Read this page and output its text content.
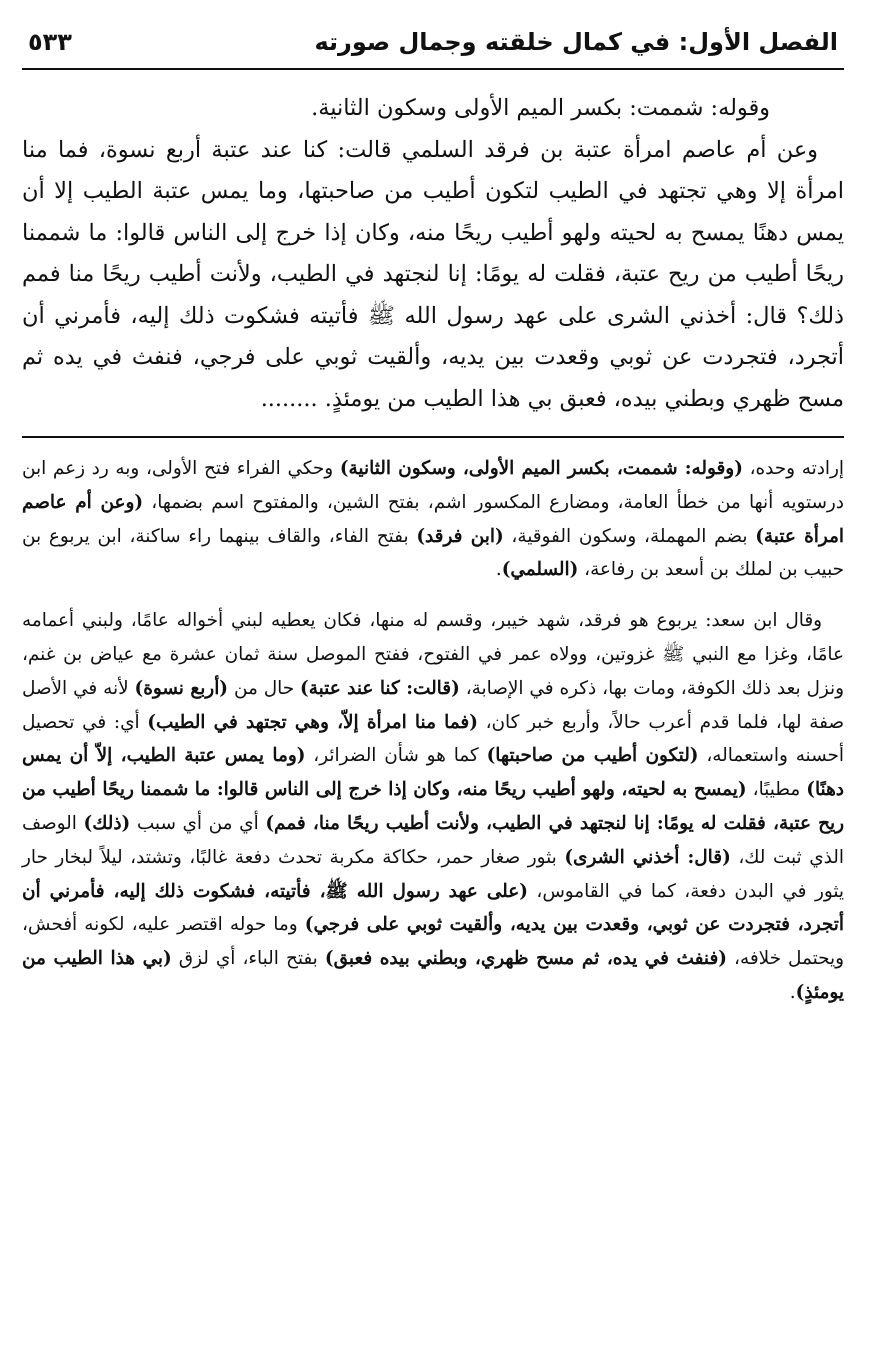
الفصل الأول: في كمال خلقته وجمال صورته
٥٣٣

وقوله: شممت: بكسر الميم الأولى وسكون الثانية.

وعن أم عاصم امرأة عتبة بن فرقد السلمي قالت: كنا عند عتبة أربع نسوة، فما منا امرأة إلا وهي تجتهد في الطيب لتكون أطيب من صاحبتها، وما يمس عتبة الطيب إلا أن يمس دهنًا يمسح به لحيته ولهو أطيب ريحًا منه، وكان إذا خرج إلى الناس قالوا: ما شممنا ريحًا أطيب من ريح عتبة، فقلت له يومًا: إنا لنجتهد في الطيب، ولأنت أطيب ريحًا منا فمم ذلك؟ قال: أخذني الشرى على عهد رسول الله ﷺ فأتيته فشكوت ذلك إليه، فأمرني أن أتجرد، فتجردت عن ثوبي وقعدت بين يديه، وألقيت ثوبي على فرجي، فنفث في يده ثم مسح ظهري وبطني بيده، فعبق بي هذا الطيب من يومئذٍ. ........

إرادته وحده، (وقوله: شممت، بكسر الميم الأولى، وسكون الثانية) وحكي الفراء فتح الأولى، وبه رد زعم ابن درستويه أنها من خطأ العامة، ومضارع المكسور اشم، بفتح الشين، والمفتوح اسم بضمها، (وعن أم عاصم امرأة عتبة) بضم المهملة، وسكون الفوقية، (ابن فرقد) بفتح الفاء، والقاف بينهما راء ساكنة، ابن يربوع بن حبيب بن لملك بن أسعد بن رفاعة، (السلمي).

وقال ابن سعد: يربوع هو فرقد، شهد خيبر، وقسم له منها، فكان يعطيه لبني أخواله عامًا، ولبني أعمامه عامًا، وغزا مع النبي ﷺ غزوتين، وولاه عمر في الفتوح، ففتح الموصل سنة ثمان عشرة مع عياض بن غنم، ونزل بعد ذلك الكوفة، ومات بها، ذكره في الإصابة، (قالت: كنا عند عتبة) حال من (أربع نسوة) لأنه في الأصل صفة لها، فلما قدم أعرب حالاً، وأربع خبر كان، (فما منا امرأة إلاّ، وهي تجتهد في الطيب) أي: في تحصيل أحسنه واستعماله، (لتكون أطيب من صاحبتها) كما هو شأن الضرائر، (وما يمس عتبة الطيب، إلاّ أن يمس دهنًا) مطيبًا، (يمسح به لحيته، ولهو أطيب ريحًا منه، وكان إذا خرج إلى الناس قالوا: ما شممنا ريحًا أطيب من ريح عتبة، فقلت له يومًا: إنا لنجتهد في الطيب، ولأنت أطيب ريحًا منا، فمم) أي من أي سبب (ذلك) الوصف الذي ثبت لك، (قال: أخذني الشرى) بثور صغار حمر، حكاكة مكربة تحدث دفعة غالبًا، وتشتد، ليلاً لبخار حار يثور في البدن دفعة، كما في القاموس، (على عهد رسول الله ﷺ، فأتيته، فشكوت ذلك إليه، فأمرني أن أتجرد، فتجردت عن ثوبي، وقعدت بين يديه، وألقيت ثوبي على فرجي) وما حوله اقتصر عليه، لكونه أفحش، ويحتمل خلافه، (فنفث في يده، ثم مسح ظهري، وبطني بيده فعبق) بفتح الباء، أي لزق (بي هذا الطيب من يومئذٍ).
